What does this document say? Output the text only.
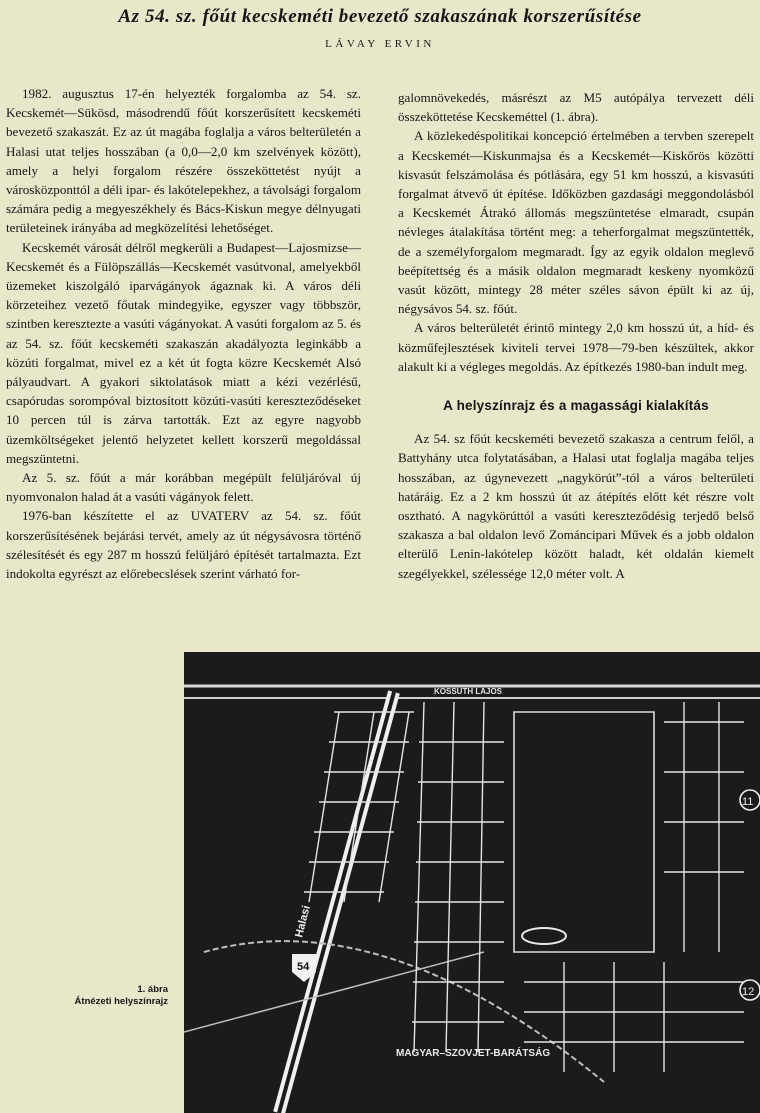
Az 54. sz. főút kecskeméti bevezető szakaszának korszerűsítése
LÁVAY ERVIN

1982. augusztus 17-én helyezték forgalomba az 54. sz. Kecskemét—Sükösd, másodrendű főút korszerűsített kecskeméti bevezető szakaszát. Ez az út magába foglalja a város belterületén a Halasi utat teljes hosszában (a 0,0—2,0 km szelvények között), amely a helyi forgalom részére összeköttetést nyújt a városközponttól a déli ipar- és lakótelepekhez, a távolsági forgalom számára pedig a megyeszékhely és Bács-Kiskun megye délnyugati területeinek irányába ad megközelítési lehetőséget.

Kecskemét városát délről megkerüli a Budapest—Lajosmizse—Kecskemét és a Fülöpszállás—Kecskemét vasútvonal, amelyekből üzemeket kiszolgáló iparvágányok ágaznak ki. A város déli körzeteihez vezető főutak mindegyike, egyszer vagy többször, szintben keresztezte a vasúti vágányokat. A vasúti forgalom az 5. és az 54. sz. főút kecskeméti szakaszán akadályozta leginkább a közúti forgalmat, mivel ez a két út fogta közre Kecskemét Alsó pályaudvart. A gyakori siktolatások miatt a kézi vezérlésű, csapórudas sorompóval biztosított közúti-vasúti kereszteződéseket 10 percen túl is zárva tartották. Ezt az egyre nagyobb üzemköltségeket jelentő helyzetet kellett korszerű megoldással megszüntetni.

Az 5. sz. főút a már korábban megépült felüljáróval új nyomvonalon halad át a vasúti vágányok felett.

1976-ban készítette el az UVATERV az 54. sz. főút korszerűsítésének bejárási tervét, amely az út négysávosra történő szélesítését és egy 287 m hosszú felüljáró építését tartalmazta. Ezt indokolta egyrészt az előrebecslések szerint várható for-

galomnövekedés, másrészt az M5 autópálya tervezett déli összeköttetése Kecskeméttel (1. ábra).

A közlekedéspolitikai koncepció értelmében a tervben szerepelt a Kecskemét—Kiskunmajsa és a Kecskemét—Kiskőrös közötti kisvasút felszámolása és pótlására, egy 51 km hosszú, a kisvasúti forgalmat átvevő út építése. Időközben gazdasági meggondolásból a Kecskemét Átrakó állomás megszüntetése elmaradt, csupán névleges átalakítása történt meg: a teherforgalmat megszüntették, de a személyforgalom megmaradt. Így az egyik oldalon meglevő beépítettség és a másik oldalon megmaradt keskeny nyomközű vasút között, mintegy 28 méter széles sávon épült ki az új, négysávos 54. sz. főút.

A város belterületét érintő mintegy 2,0 km hosszú út, a híd- és közműfejlesztések kiviteli tervei 1978—79-ben készültek, akkor alakult ki a végleges megoldás. Az építkezés 1980-ban indult meg.

A helyszínrajz és a magassági kialakítás

Az 54. sz főút kecskeméti bevezető szakasza a centrum felől, a Battyhány utca folytatásában, a Halasi utat foglalja magába teljes hosszában, az úgynevezett „nagykörút”-tól a város belterületi határáig. Ez a 2 km hosszú út az átépítés előtt két részre volt osztható. A nagykörúttól a vasúti kereszteződésig terjedő belső szakasza a bal oldalon levő Zománcipari Művek és a jobb oldalon elterülő Lenin-lakótelep között haladt, két oldalán kiemelt szegélyekkel, szélessége 12,0 méter volt. A

KOSSUTH LAJOS
54
Halasi
11
12
MAGYAR–SZOVJET-BARÁTSÁG
1. ábra
Átnézeti helyszínrajz
